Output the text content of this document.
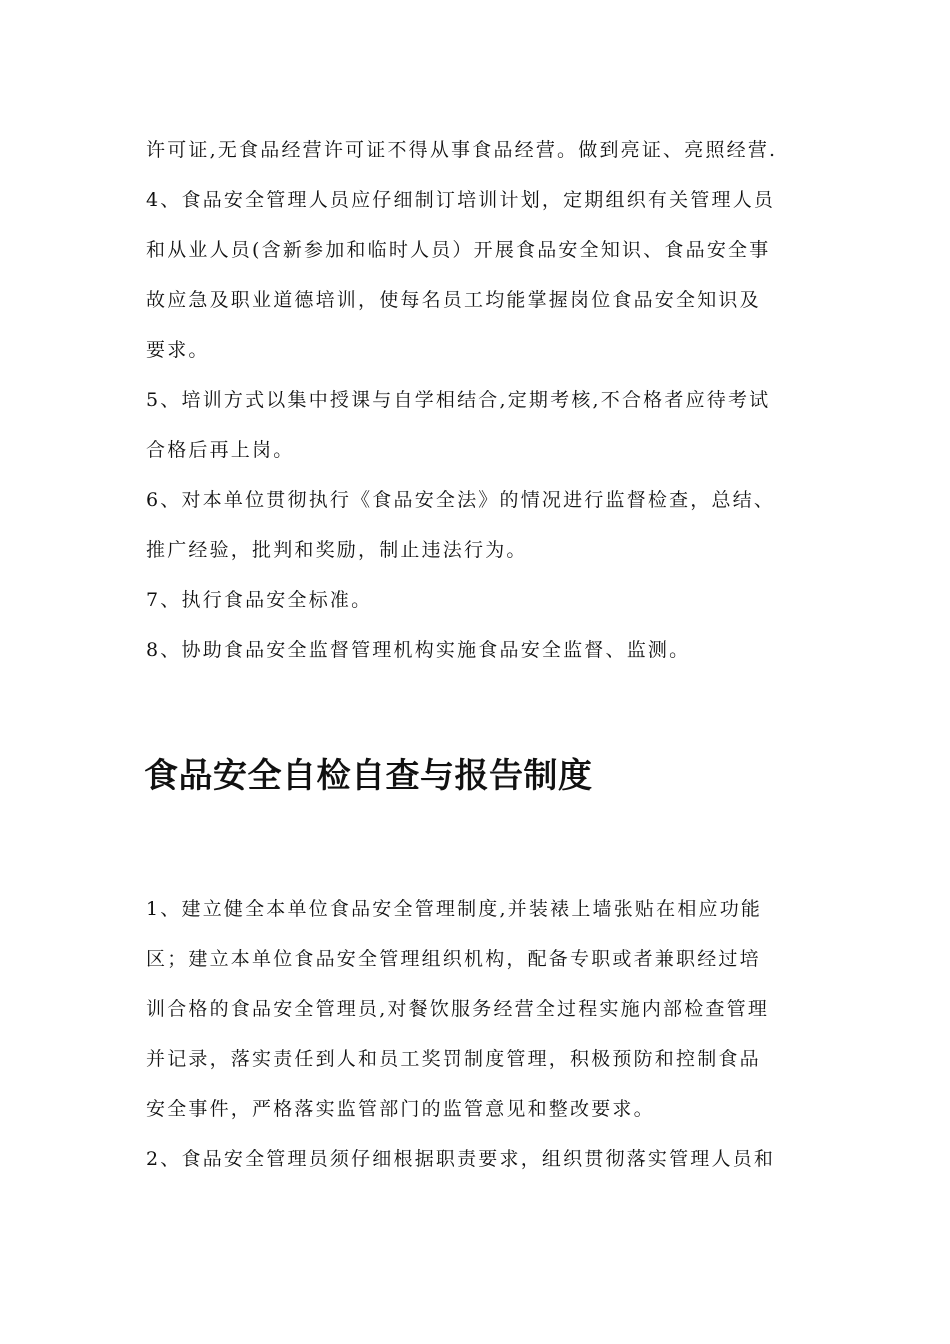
许可证,无食品经营许可证不得从事食品经营。做到亮证、亮照经营.
4、食品安全管理人员应仔细制订培训计划，定期组织有关管理人员
和从业人员(含新参加和临时人员）开展食品安全知识、食品安全事
故应急及职业道德培训，使每名员工均能掌握岗位食品安全知识及
要求。
5、培训方式以集中授课与自学相结合,定期考核,不合格者应待考试
合格后再上岗。
6、对本单位贯彻执行《食品安全法》的情况进行监督检查，总结、
推广经验，批判和奖励，制止违法行为。
7、执行食品安全标准。
8、协助食品安全监督管理机构实施食品安全监督、监测。
食品安全自检自查与报告制度
1、建立健全本单位食品安全管理制度,并装裱上墙张贴在相应功能
区；建立本单位食品安全管理组织机构，配备专职或者兼职经过培
训合格的食品安全管理员,对餐饮服务经营全过程实施内部检查管理
并记录，落实责任到人和员工奖罚制度管理，积极预防和控制食品
安全事件，严格落实监管部门的监管意见和整改要求。
2、食品安全管理员须仔细根据职责要求，组织贯彻落实管理人员和
